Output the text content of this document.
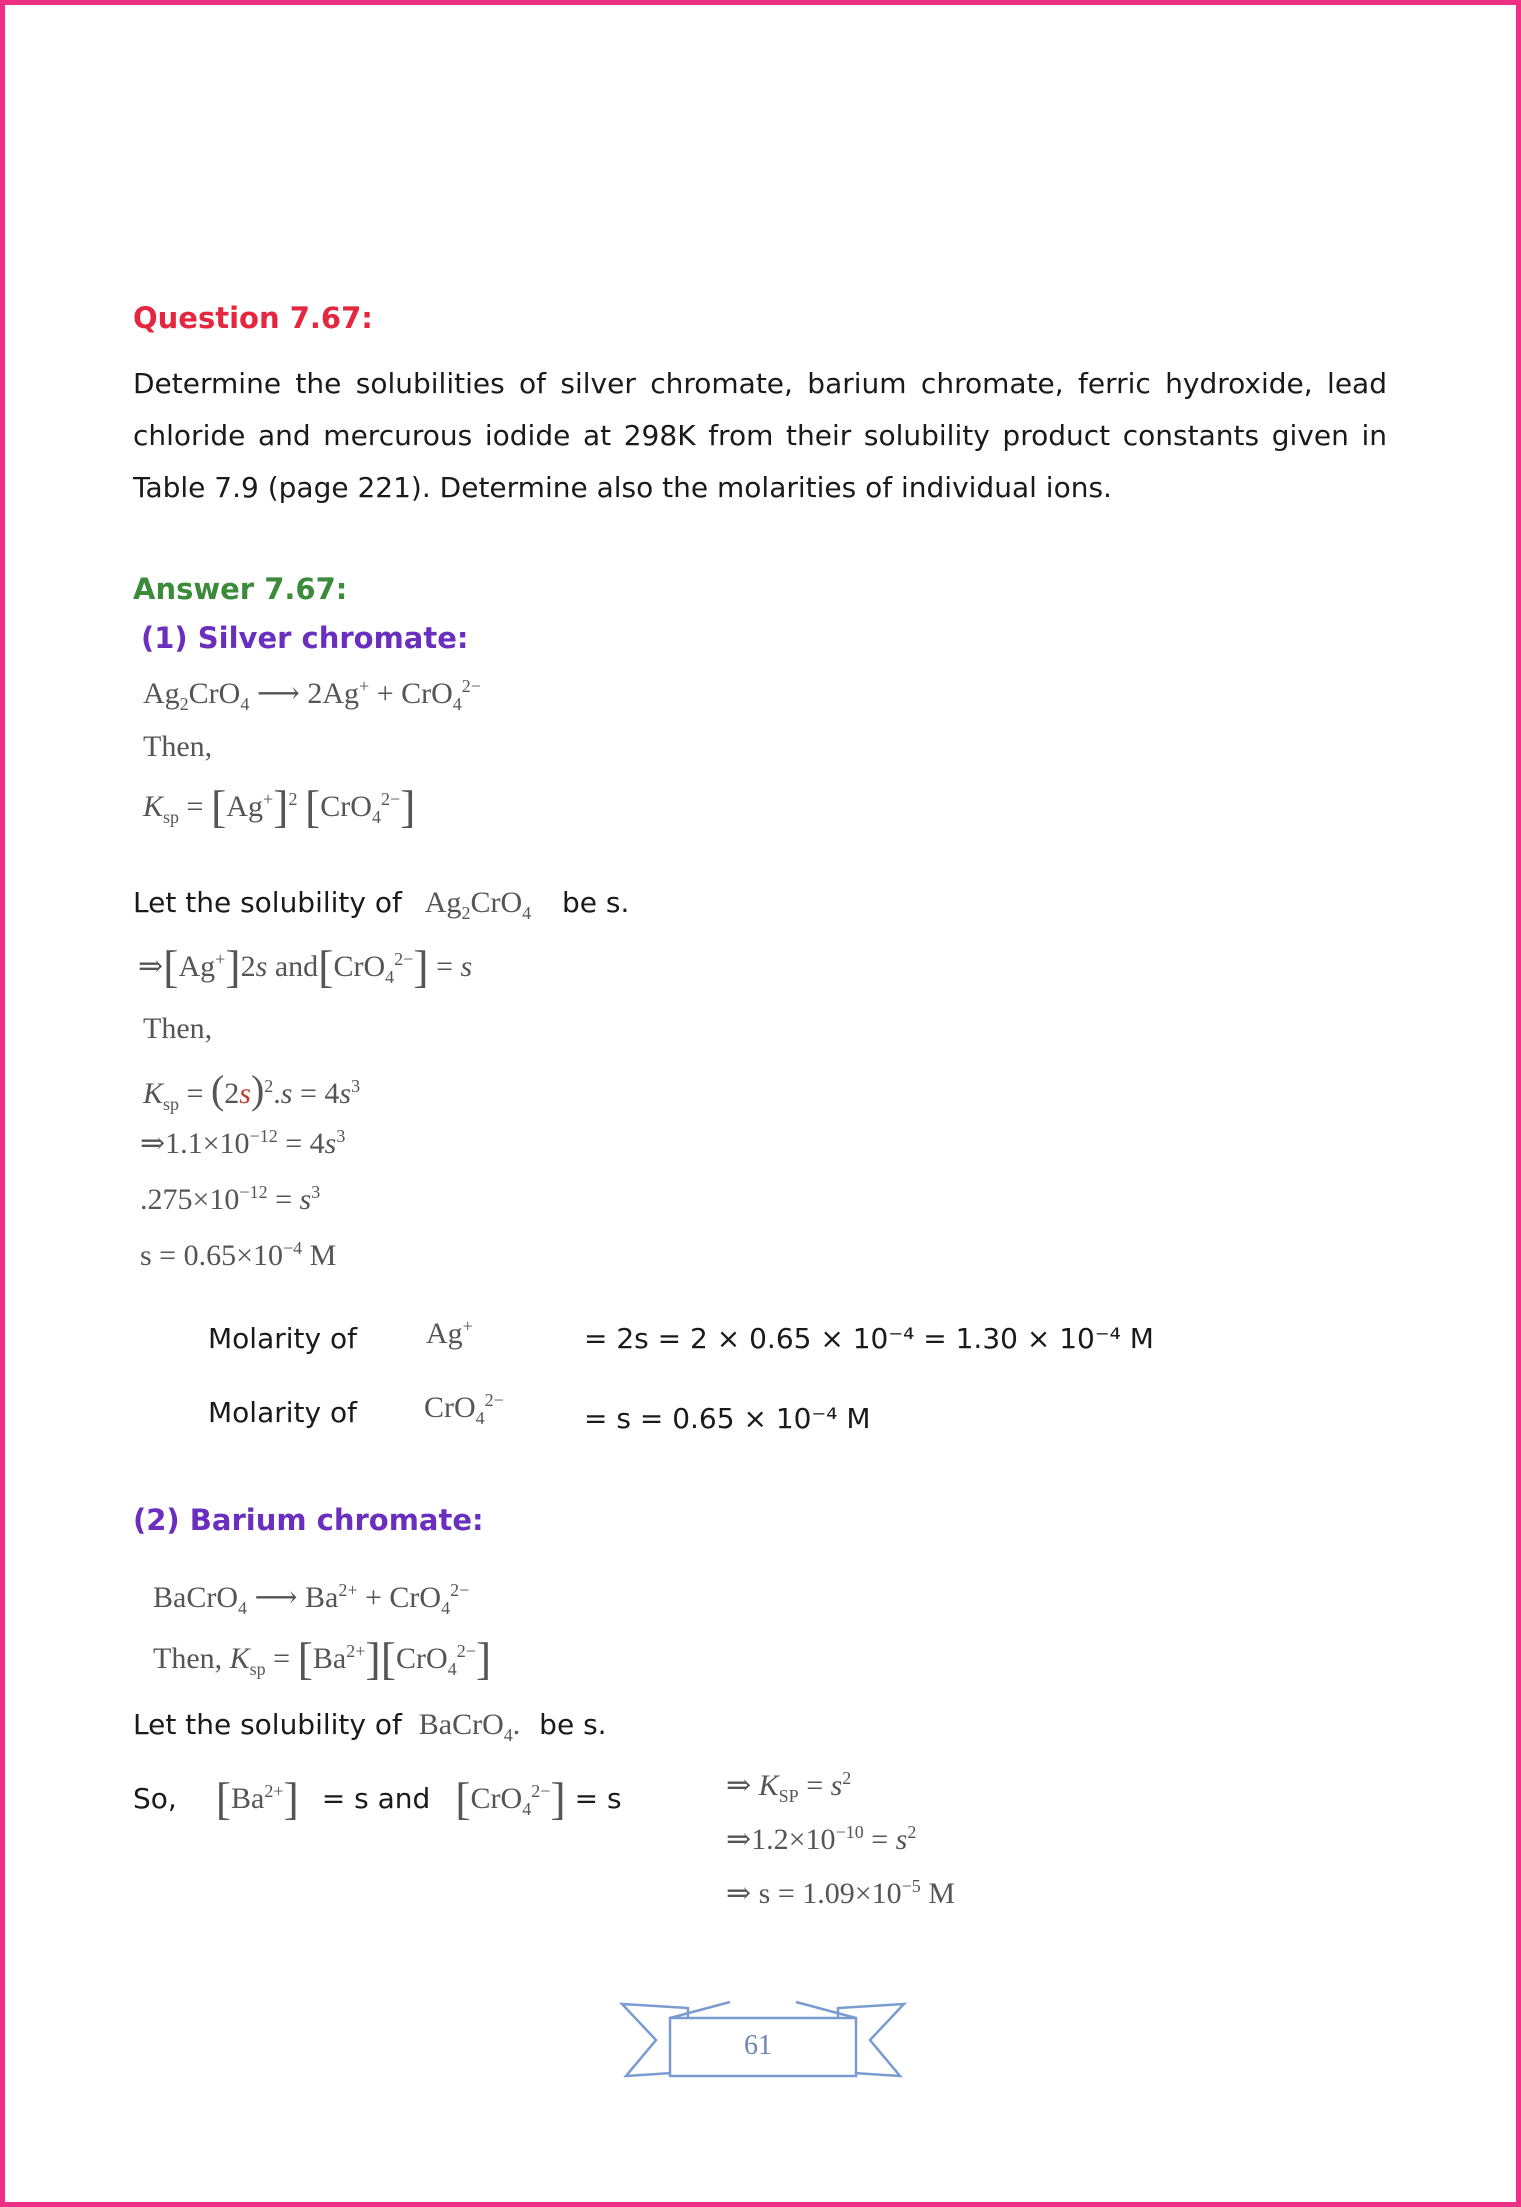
Question 7.67:
Determine the solubilities of silver chromate, barium chromate, ferric hydroxide, lead chloride and mercurous iodide at 298K from their solubility product constants given in Table 7.9 (page 221). Determine also the molarities of individual ions.
Answer 7.67:
(1) Silver chromate:
$Ag_2CrO_4$ ⟶ 2Ag+ + CrO$_4^{2-}$
Then,
$K_{sp} = [Ag^+]^2$ [CrO$_4^{2-}$]
Let the solubility of $Ag_2CrO_4$ be s.
⇒[Ag+]2s and[CrO$_4^{2-}$] = s
Then,
$K_{sp} = (2s)^2.s = 4s^3$
$\Rightarrow 1.1\times 10^{-12} = 4s^3$
$.275\times 10^{-12} = s^3$
$s = 0.65\times 10^{-4}$ M
Molarity of Ag+	= 2s = 2 × 0.65 × 10⁻⁴ = 1.30 × 10⁻⁴ M
Molarity of CrO$_4^{2-}$
= s = 0.65 × 10⁻⁴ M
(2) Barium chromate:
BaCrO$_4$ ⟶ $Ba^{2+} + CrO_4^{2-}$
Then, $K_{sp} = [Ba^{2+}][CrO_4^{2-}]$
Let the solubility of BaCrO$_4$. be s.
So, $[Ba^{2+}] = s$ and [CrO$_4^{2-}$] = s	⇒ $K_{SP} = s^2$
$\Rightarrow 1.2\times 10^{-10} = s^2$
⇒ $s = 1.09\times 10^{-5}$ M
61
